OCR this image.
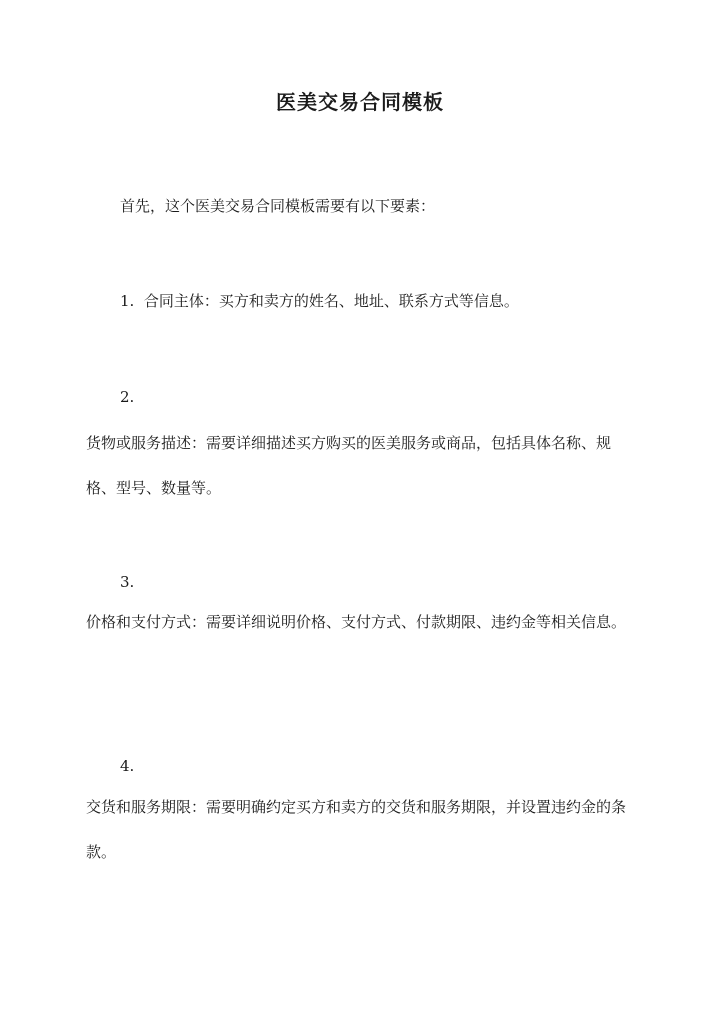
医美交易合同模板
首先，这个医美交易合同模板需要有以下要素：
1. 合同主体：买方和卖方的姓名、地址、联系方式等信息。
2.
货物或服务描述：需要详细描述买方购买的医美服务或商品，包括具体名称、规格、型号、数量等。
3.
价格和支付方式：需要详细说明价格、支付方式、付款期限、违约金等相关信息。
4.
交货和服务期限：需要明确约定买方和卖方的交货和服务期限，并设置违约金的条款。
